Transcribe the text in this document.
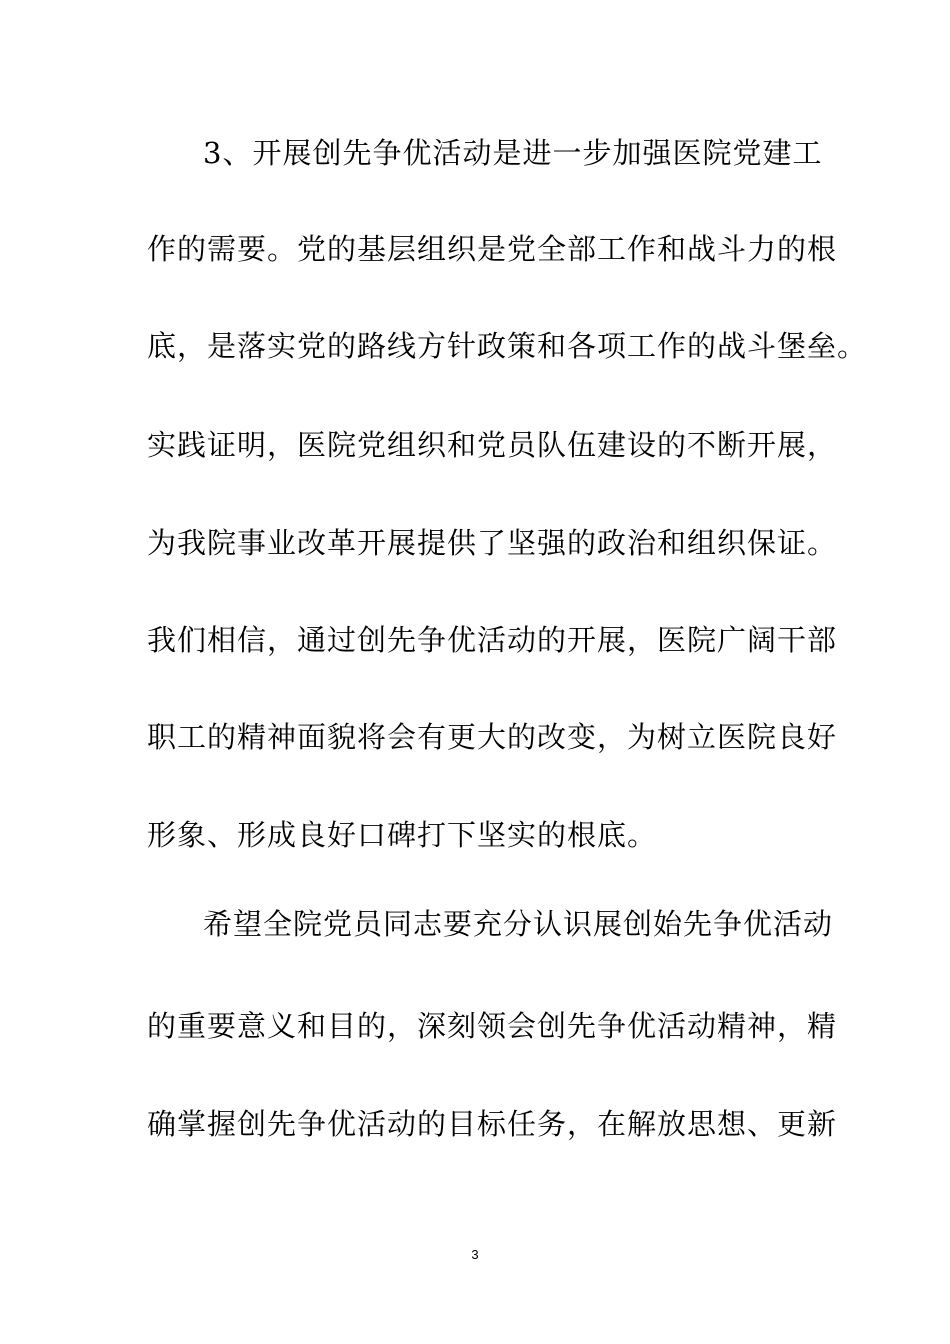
3、开展创先争优活动是进一步加强医院党建工
作的需要。党的基层组织是党全部工作和战斗力的根
底，是落实党的路线方针政策和各项工作的战斗堡垒。
实践证明，医院党组织和党员队伍建设的不断开展，
为我院事业改革开展提供了坚强的政治和组织保证。
我们相信，通过创先争优活动的开展，医院广阔干部
职工的精神面貌将会有更大的改变，为树立医院良好
形象、形成良好口碑打下坚实的根底。
希望全院党员同志要充分认识展创始先争优活动
的重要意义和目的，深刻领会创先争优活动精神，精
确掌握创先争优活动的目标任务，在解放思想、更新
3
